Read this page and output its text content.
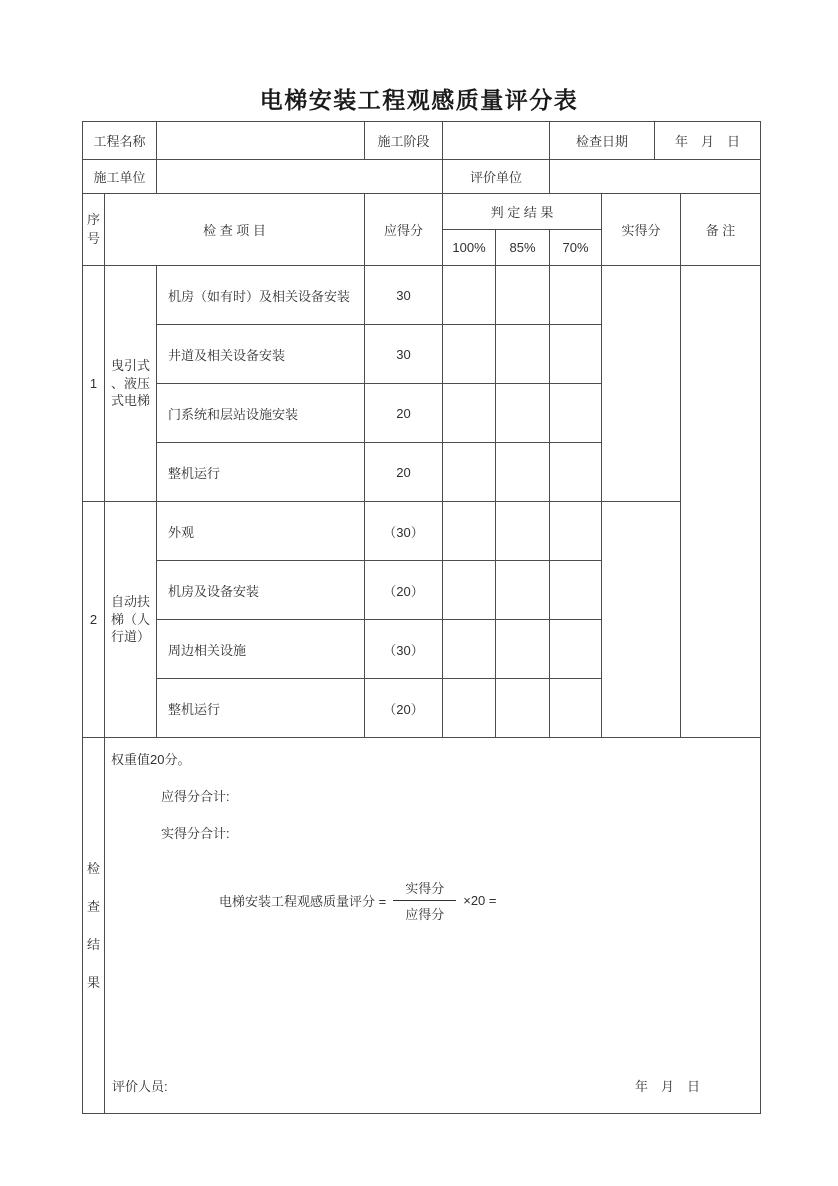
电梯安装工程观感质量评分表
工程名称		施工阶段		检查日期	年　月　日
施工单位			评价单位		
序号	检 查 项 目		应得分	判 定 结 果			实得分	备 注
				100%	85%	70%		
1	曳引式、液压式电梯	机房（如有时）及相关设备安装	30					
		井道及相关设备安装	30					
		门系统和层站设施安装	20					
		整机运行	20					
2	自动扶梯（人行道）	外观	（30）					
		机房及设备安装	（20）					
		周边相关设施	（30）					
		整机运行	（20）					
检查结果	
权重值20分。
应得分合计:
实得分合计:
电梯安装工程观感质量评分 = $\frac{\text{实得分}}{\text{应得分}} \times 20$ =
评价人员:	年　月　日
